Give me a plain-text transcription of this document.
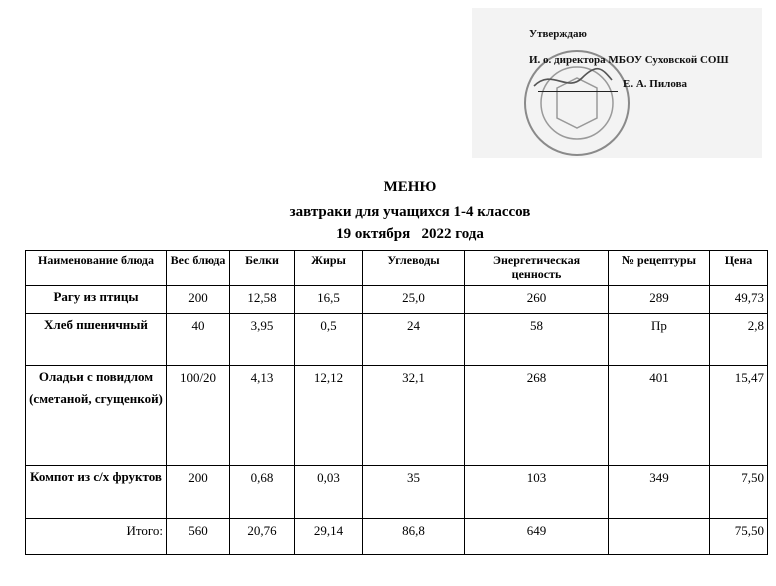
Утверждаю
И. о. директора МБОУ Суховской СОШ
Е. А. Пилова
МЕНЮ
завтраки для учащихся 1-4 классов
19 октября   2022 года
Наименование блюда	Вес блюда	Белки	Жиры	Углеводы	Энергетическая ценность	№ рецептуры	Цена
Рагу из птицы	200	12,58	16,5	25,0	260	289	49,73
Хлеб пшеничный	40	3,95	0,5	24	58	Пр	2,8
Оладьи с повидлом (сметаной, сгущенкой)	100/20	4,13	12,12	32,1	268	401	15,47
Компот из с/х фруктов	200	0,68	0,03	35	103	349	7,50
Итого:	560	20,76	29,14	86,8	649		75,50
